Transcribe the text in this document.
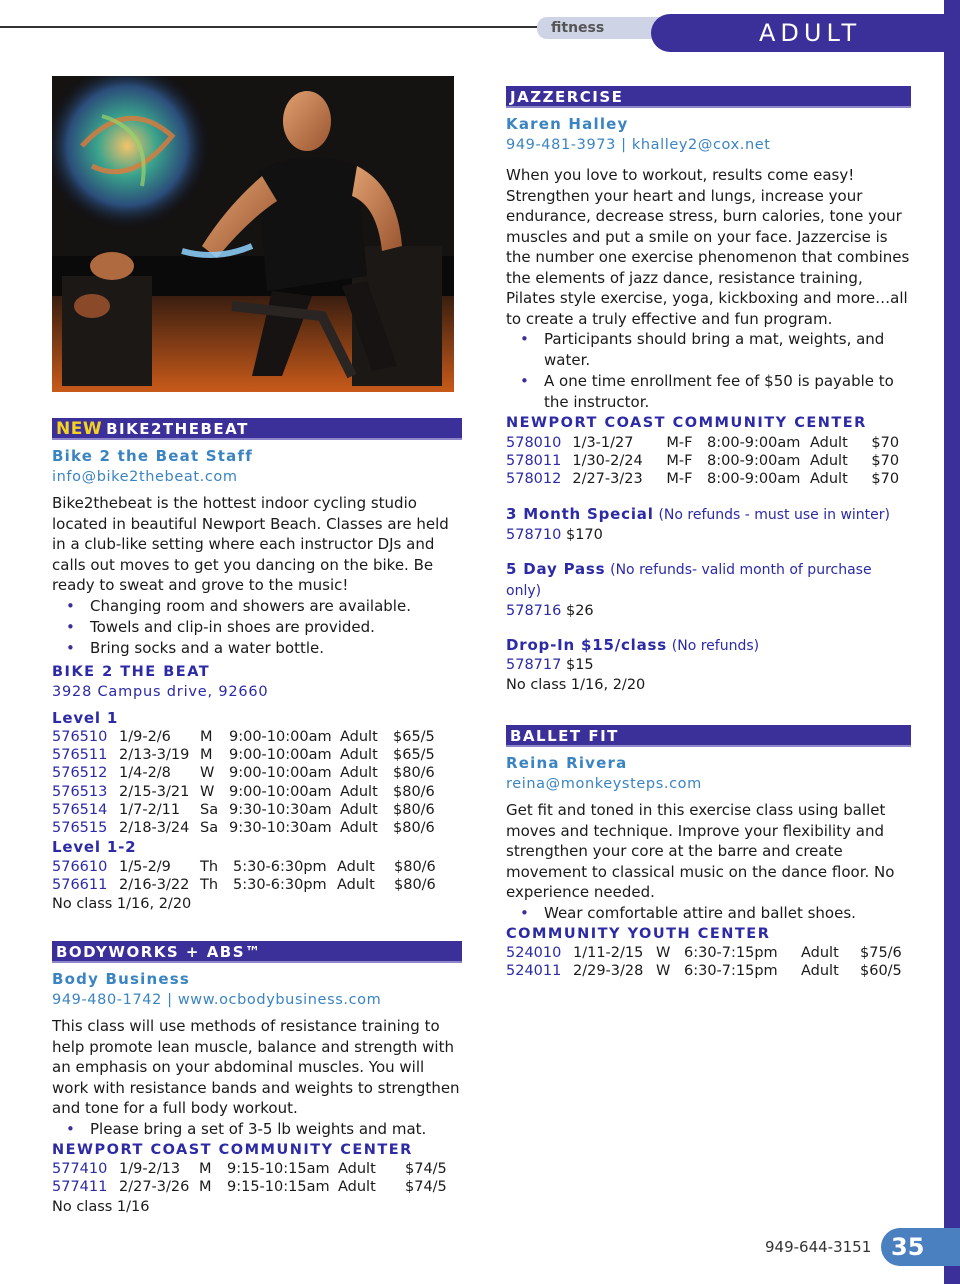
fitness	ADULT
NEW BIKE2THEBEAT
Bike 2 the Beat Staff
info@bike2thebeat.com
Bike2thebeat is the hottest indoor cycling studio located in beautiful Newport Beach. Classes are held in a club-like setting where each instructor DJs and calls out moves to get you dancing on the bike. Be ready to sweat and grove to the music!
• Changing room and showers are available.
• Towels and clip-in shoes are provided.
• Bring socks and a water bottle.
BIKE 2 THE BEAT
3928 Campus drive, 92660
Level 1
576510 1/9-2/6	M	9:00-10:00am Adult	$65/5
576511 2/13-3/19 M	9:00-10:00am Adult	$65/5
576512 1/4-2/8	W	9:00-10:00am Adult	$80/6
576513 2/15-3/21 W	9:00-10:00am Adult	$80/6
576514 1/7-2/11	Sa 9:30-10:30am Adult	$80/6
576515 2/18-3/24 Sa 9:30-10:30am Adult	$80/6
Level 1-2
576610 1/5-2/9	Th	5:30-6:30pm Adult	$80/6
576611 2/16-3/22 Th	5:30-6:30pm Adult	$80/6
No class 1/16, 2/20
BODYWORKS + ABS™
Body Business
949-480-1742 | www.ocbodybusiness.com
This class will use methods of resistance training to help promote lean muscle, balance and strength with an emphasis on your abdominal muscles. You will work with resistance bands and weights to strengthen and tone for a full body workout.
• Please bring a set of 3-5 lb weights and mat.
NEWPORT COAST COMMUNITY CENTER
577410 1/9-2/13	M	9:15-10:15am Adult	$74/5
577411 2/27-3/26 M	9:15-10:15am Adult	$74/5
No class 1/16
JAZZERCISE
Karen Halley
949-481-3973 | khalley2@cox.net
When you love to workout, results come easy! Strengthen your heart and lungs, increase your endurance, decrease stress, burn calories, tone your muscles and put a smile on your face. Jazzercise is the number one exercise phenomenon that combines the elements of jazz dance, resistance training, Pilates style exercise, yoga, kickboxing and more…all to create a truly effective and fun program.
• Participants should bring a mat, weights, and water.
• A one time enrollment fee of $50 is payable to the instructor.
NEWPORT COAST COMMUNITY CENTER
578010 1/3-1/27	M-F	8:00-9:00am Adult	$70
578011 1/30-2/24	M-F	8:00-9:00am Adult	$70
578012 2/27-3/23	M-F	8:00-9:00am Adult	$70
3 Month Special (No refunds - must use in winter)
578710 $170
5 Day Pass (No refunds- valid month of purchase only)
578716 $26
Drop-In $15/class (No refunds)
578717 $15
No class 1/16, 2/20
BALLET FIT
Reina Rivera
reina@monkeysteps.com
Get fit and toned in this exercise class using ballet moves and technique. Improve your flexibility and strengthen your core at the barre and create movement to classical music on the dance floor. No experience needed.
• Wear comfortable attire and ballet shoes.
COMMUNITY YOUTH CENTER
524010 1/11-2/15 W 6:30-7:15pm	Adult	$75/6
524011 2/29-3/28 W 6:30-7:15pm	Adult	$60/5
949-644-3151 35
